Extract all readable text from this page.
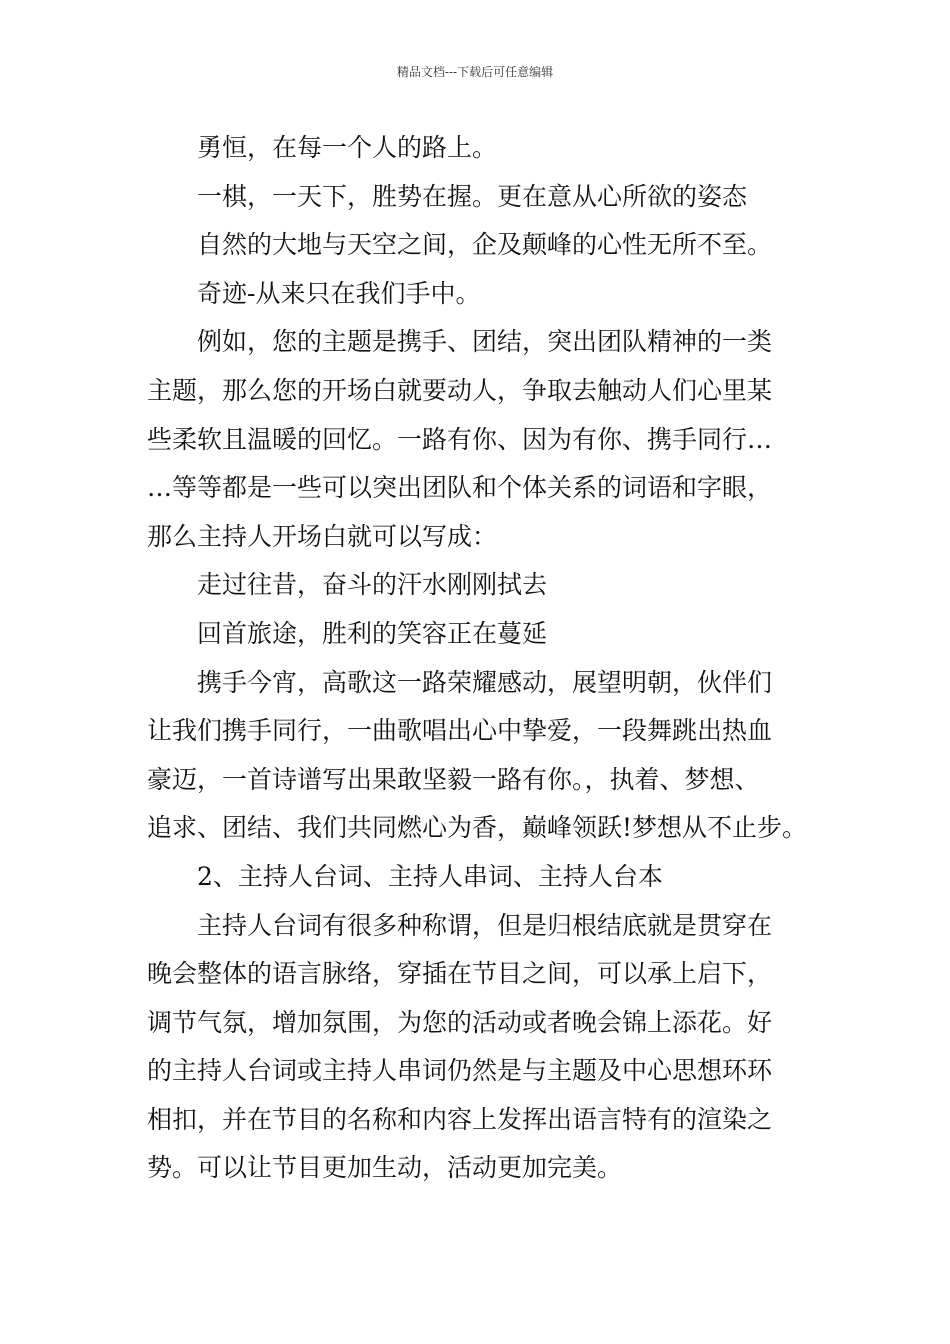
精品文档---下载后可任意编辑
勇恒，在每一个人的路上。
一棋，一天下，胜势在握。更在意从心所欲的姿态
自然的大地与天空之间，企及颠峰的心性无所不至。
奇迹-从来只在我们手中。
例如，您的主题是携手、团结，突出团队精神的一类
主题，那么您的开场白就要动人，争取去触动人们心里某
些柔软且温暖的回忆。一路有你、因为有你、携手同行…
…等等都是一些可以突出团队和个体关系的词语和字眼，
那么主持人开场白就可以写成：
走过往昔，奋斗的汗水刚刚拭去
回首旅途，胜利的笑容正在蔓延
携手今宵，高歌这一路荣耀感动，展望明朝，伙伴们
让我们携手同行，一曲歌唱出心中挚爱，一段舞跳出热血
豪迈，一首诗谱写出果敢坚毅一路有你。，执着、梦想、
追求、团结、我们共同燃心为香，巅峰领跃!梦想从不止步。
2、主持人台词、主持人串词、主持人台本
主持人台词有很多种称谓，但是归根结底就是贯穿在
晚会整体的语言脉络，穿插在节目之间，可以承上启下，
调节气氛，增加氛围，为您的活动或者晚会锦上添花。好
的主持人台词或主持人串词仍然是与主题及中心思想环环
相扣，并在节目的名称和内容上发挥出语言特有的渲染之
势。可以让节目更加生动，活动更加完美。
